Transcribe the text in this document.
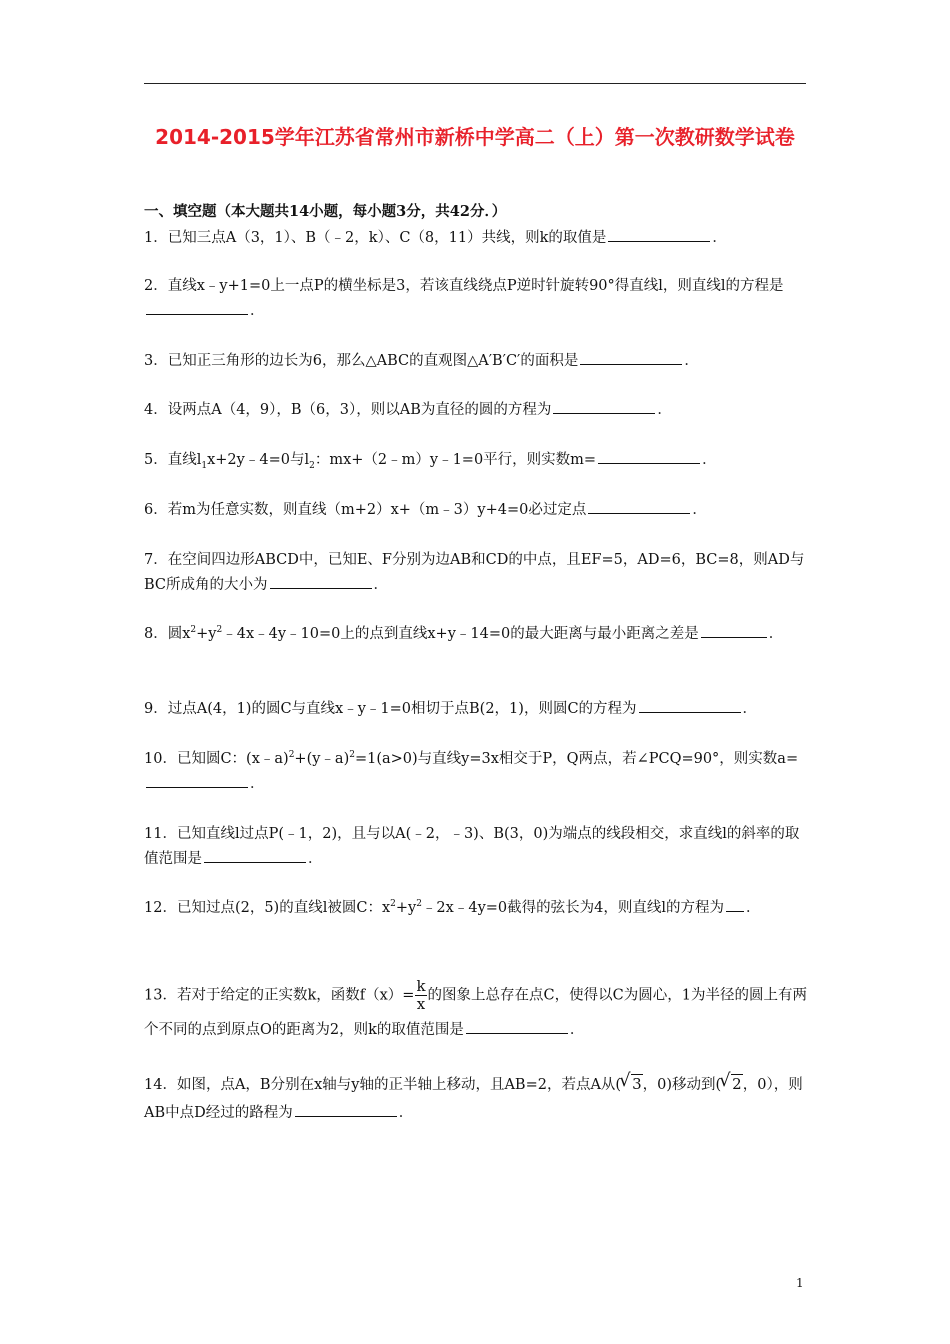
2014-2015学年江苏省常州市新桥中学高二（上）第一次教研数学试卷
一、填空题（本大题共14小题，每小题3分，共42分．）
1．已知三点A（3，1）、B（﹣2，k）、C（8，11）共线，则k的取值是	．
2．直线x﹣y+1=0上一点P的横坐标是3，若该直线绕点P逆时针旋转90°得直线l，则直线l的方程是．
3．已知正三角形的边长为6，那么△ABC的直观图△A′B′C′的面积是	．
4．设两点A（4，9），B（6，3），则以AB为直径的圆的方程为	．
5．直线$l_1x+2y﹣4=0$与$l_2$：mx+（2﹣m）y﹣1=0平行，则实数m=	．
6．若m为任意实数，则直线（m+2）x+（m﹣3）y+4=0必过定点	．
7．在空间四边形ABCD中，已知E、F分别为边AB和CD的中点，且EF=5，AD=6，BC=8，则AD与BC所成角的大小为	．
8．圆$x^2+y^2﹣4x﹣4y﹣10=0$上的点到直线x+y﹣14=0的最大距离与最小距离之差是	．
9．过点A(4，1)的圆C与直线x﹣y﹣1=0相切于点B(2，1)，则圆C的方程为	．
10．已知圆C：(x﹣a)$^2$+(y﹣a)$^2$=1(a>0)与直线y=3x相交于P，Q两点，若∠PCQ=90°，则实数a=．
11．已知直线l过点P(﹣1，2)，且与以A(﹣2，﹣3)、B(3，0)为端点的线段相交，求直线l的斜率的取值范围是	．
12．已知过点(2，5)的直线l被圆C：$x^2+y^2﹣2x﹣4y=0$截得的弦长为4，则直线l的方程为 ．
13．若对于给定的正实数k，函数$f(x)= \frac{k}{x}$ 的图象上总存在点C，使得以C为圆心，1为半径的圆上有两个不同的点到原点O的距离为2，则k的取值范围是	．
14．如图，点A，B分别在x轴与y轴的正半轴上移动，且AB=2，若点A从( √ 3，0)移动到( √ 2，0），则AB中点D经过的路程为	．
1
